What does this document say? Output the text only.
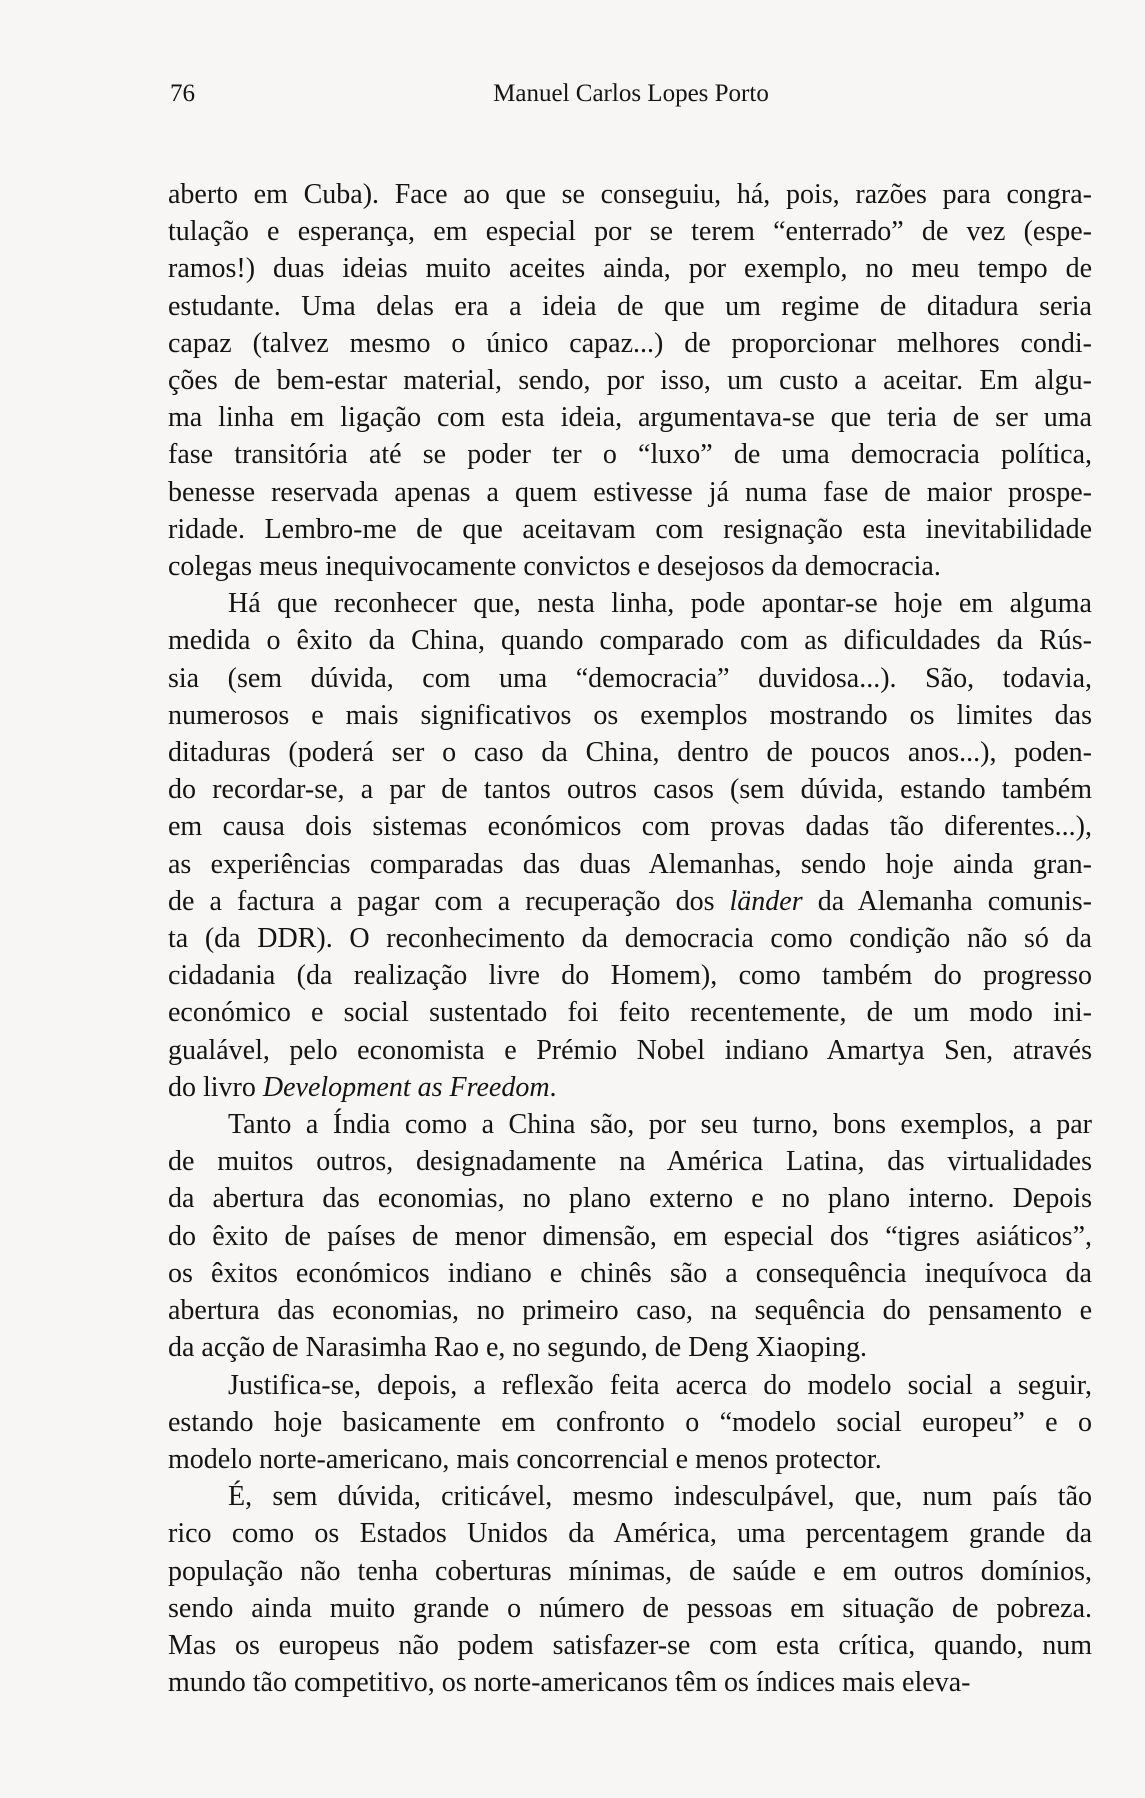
76	Manuel Carlos Lopes Porto

aberto em Cuba). Face ao que se conseguiu, há, pois, razões para congra-
tulação e esperança, em especial por se terem “enterrado” de vez (espe-
ramos!) duas ideias muito aceites ainda, por exemplo, no meu tempo de
estudante. Uma delas era a ideia de que um regime de ditadura seria
capaz (talvez mesmo o único capaz...) de proporcionar melhores condi-
ções de bem-estar material, sendo, por isso, um custo a aceitar. Em algu-
ma linha em ligação com esta ideia, argumentava-se que teria de ser uma
fase transitória até se poder ter o “luxo” de uma democracia política,
benesse reservada apenas a quem estivesse já numa fase de maior prospe-
ridade. Lembro-me de que aceitavam com resignação esta inevitabilidade
colegas meus inequivocamente convictos e desejosos da democracia.

Há que reconhecer que, nesta linha, pode apontar-se hoje em alguma
medida o êxito da China, quando comparado com as dificuldades da Rús-
sia (sem dúvida, com uma “democracia” duvidosa...). São, todavia,
numerosos e mais significativos os exemplos mostrando os limites das
ditaduras (poderá ser o caso da China, dentro de poucos anos...), poden-
do recordar-se, a par de tantos outros casos (sem dúvida, estando também
em causa dois sistemas económicos com provas dadas tão diferentes...),
as experiências comparadas das duas Alemanhas, sendo hoje ainda gran-
de a factura a pagar com a recuperação dos länder da Alemanha comunis-
ta (da DDR). O reconhecimento da democracia como condição não só da
cidadania (da realização livre do Homem), como também do progresso
económico e social sustentado foi feito recentemente, de um modo ini-
gualável, pelo economista e Prémio Nobel indiano Amartya Sen, através
do livro Development as Freedom.

Tanto a Índia como a China são, por seu turno, bons exemplos, a par
de muitos outros, designadamente na América Latina, das virtualidades
da abertura das economias, no plano externo e no plano interno. Depois
do êxito de países de menor dimensão, em especial dos “tigres asiáticos”,
os êxitos económicos indiano e chinês são a consequência inequívoca da
abertura das economias, no primeiro caso, na sequência do pensamento e
da acção de Narasimha Rao e, no segundo, de Deng Xiaoping.

Justifica-se, depois, a reflexão feita acerca do modelo social a seguir,
estando hoje basicamente em confronto o “modelo social europeu” e o
modelo norte-americano, mais concorrencial e menos protector.

É, sem dúvida, criticável, mesmo indesculpável, que, num país tão
rico como os Estados Unidos da América, uma percentagem grande da
população não tenha coberturas mínimas, de saúde e em outros domínios,
sendo ainda muito grande o número de pessoas em situação de pobreza.
Mas os europeus não podem satisfazer-se com esta crítica, quando, num
mundo tão competitivo, os norte-americanos têm os índices mais eleva-
